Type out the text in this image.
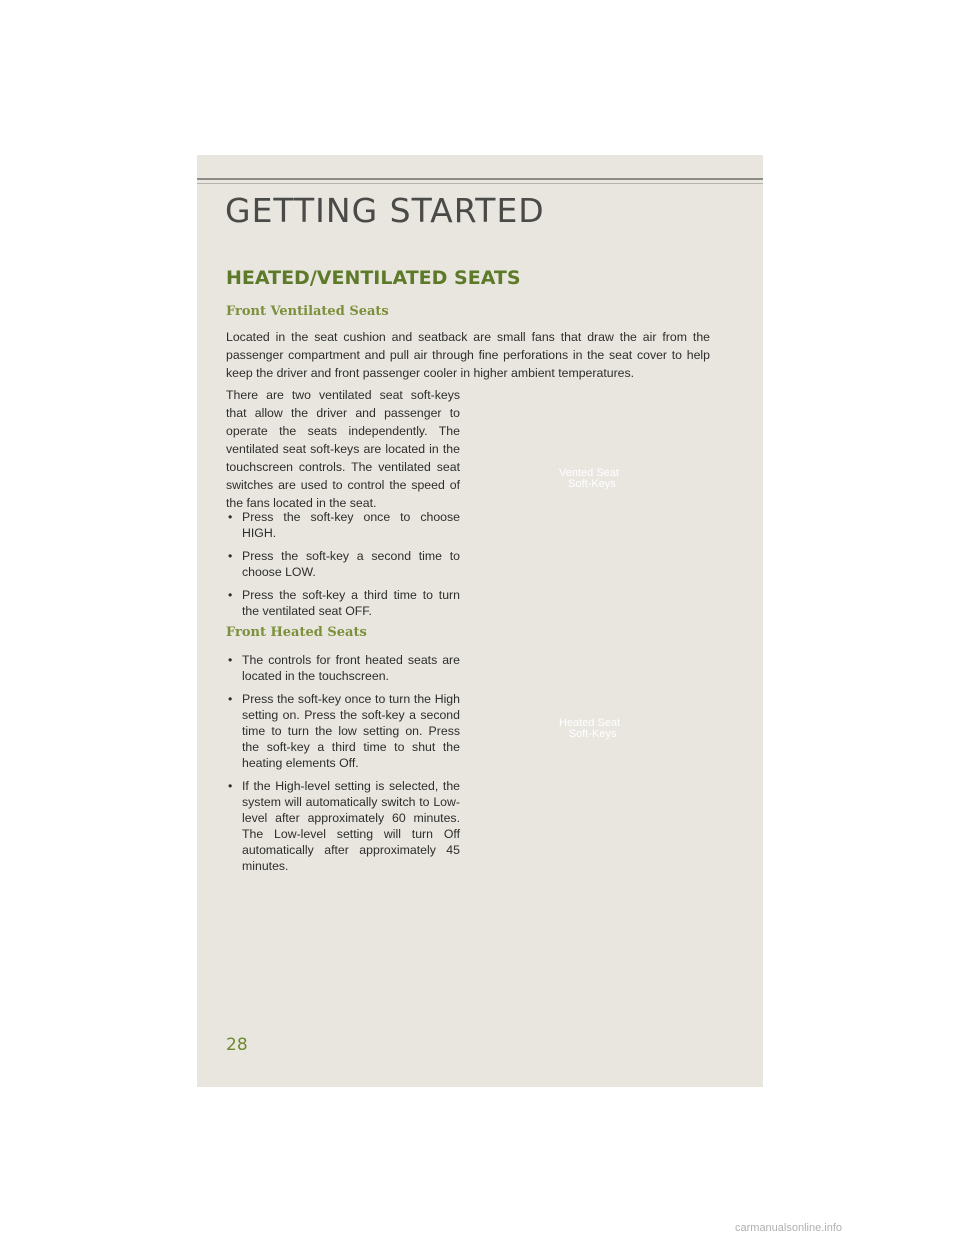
GETTING STARTED
HEATED/VENTILATED SEATS
Front Ventilated Seats

Located in the seat cushion and seatback are small fans that draw the air from the passenger compartment and pull air through fine perforations in the seat cover to help keep the driver and front passenger cooler in higher ambient temperatures.

There are two ventilated seat soft-keys that allow the driver and passenger to operate the seats independently. The ventilated seat soft-keys are located in the touchscreen controls. The ventilated seat switches are used to control the speed of the fans located in the seat.

• Press the soft-key once to choose HIGH.
• Press the soft-key a second time to choose LOW.
• Press the soft-key a third time to turn the ventilated seat OFF.
Front Heated Seats
• The controls for front heated seats are located in the touchscreen.
• Press the soft-key once to turn the High setting on. Press the soft-key a second time to turn the low setting on. Press the soft-key a third time to shut the heating elements Off.
• If the High-level setting is selected, the system will automatically switch to Low-level after approximately 60 minutes. The Low-level setting will turn Off automatically after approximately 45 minutes.
Vented Seat
Soft-Keys
Heated Seat
Soft-Keys
28
carmanualsonline.info
